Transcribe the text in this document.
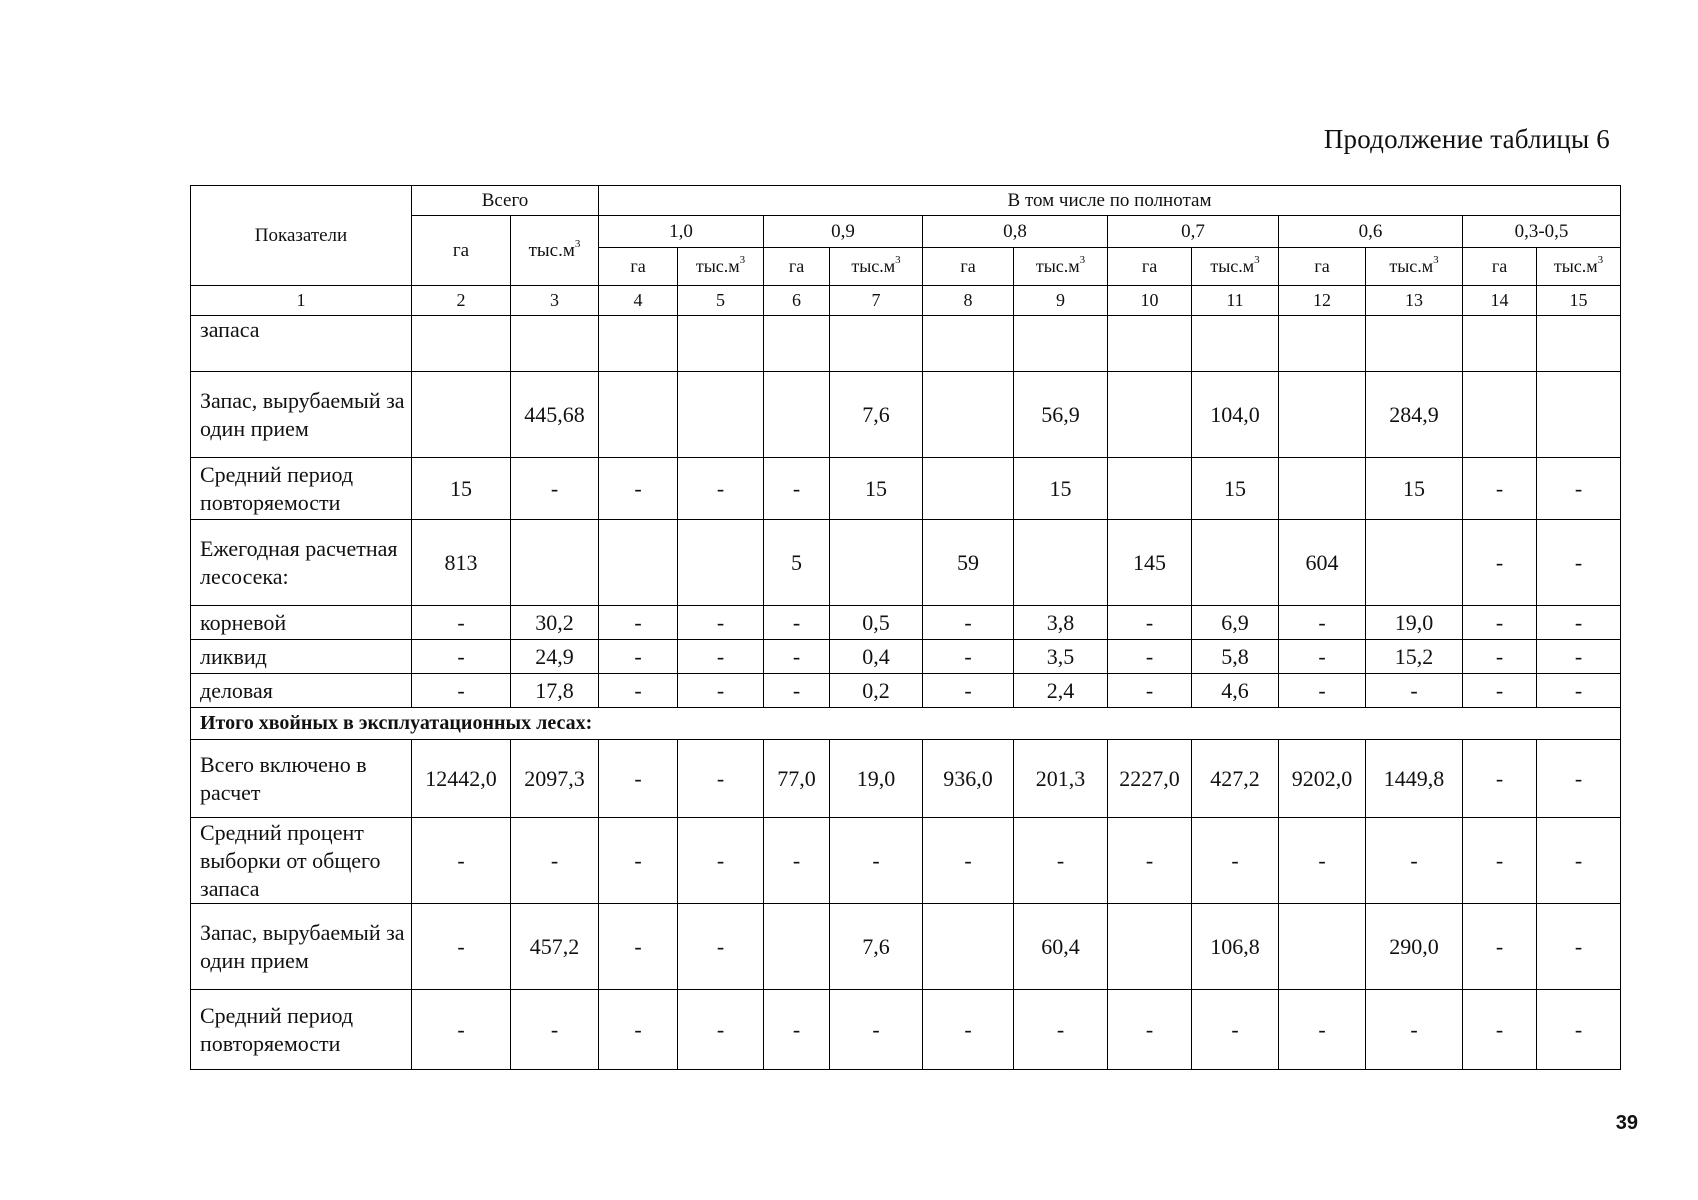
Продолжение таблицы 6
Показатели	Всего		В том числе по полнотам											
	га	$тыс.м^3$	1,0		0,9		0,8		0,7		0,6		0,3-0,5	
			га	$тыс.м^3$	га	$тыс.м^3$	га	$тыс.м^3$	га	$тыс.м^3$	га	$тыс.м^3$	га	$тыс.м^3$
1	2	3	4	5	6	7	8	9	10	11	12	13	14	15
запаса														
Запас, вырубаемый за один прием		445,68				7,6		56,9		104,0		284,9		
Средний период повторяемости	15	-	-	-	-	15		15		15		15	-	-
Ежегодная расчетная лесосека:	813				5		59		145		604		-	-
корневой	-	30,2	-	-	-	0,5	-	3,8	-	6,9	-	19,0	-	-
ликвид	-	24,9	-	-	-	0,4	-	3,5	-	5,8	-	15,2	-	-
деловая	-	17,8	-	-	-	0,2	-	2,4	-	4,6	-	-	-	-
Итого хвойных в эксплуатационных лесах:														
Всего включено в расчет	12442,0	2097,3	-	-	77,0	19,0	936,0	201,3	2227,0	427,2	9202,0	1449,8	-	-
Средний процент выборки от общего запаса	-	-	-	-	-	-	-	-	-	-	-	-	-	-
Запас, вырубаемый за один прием	-	457,2	-	-		7,6		60,4		106,8		290,0	-	-
Средний период повторяемости	-	-	-	-	-	-	-	-	-	-	-	-	-	-
39
